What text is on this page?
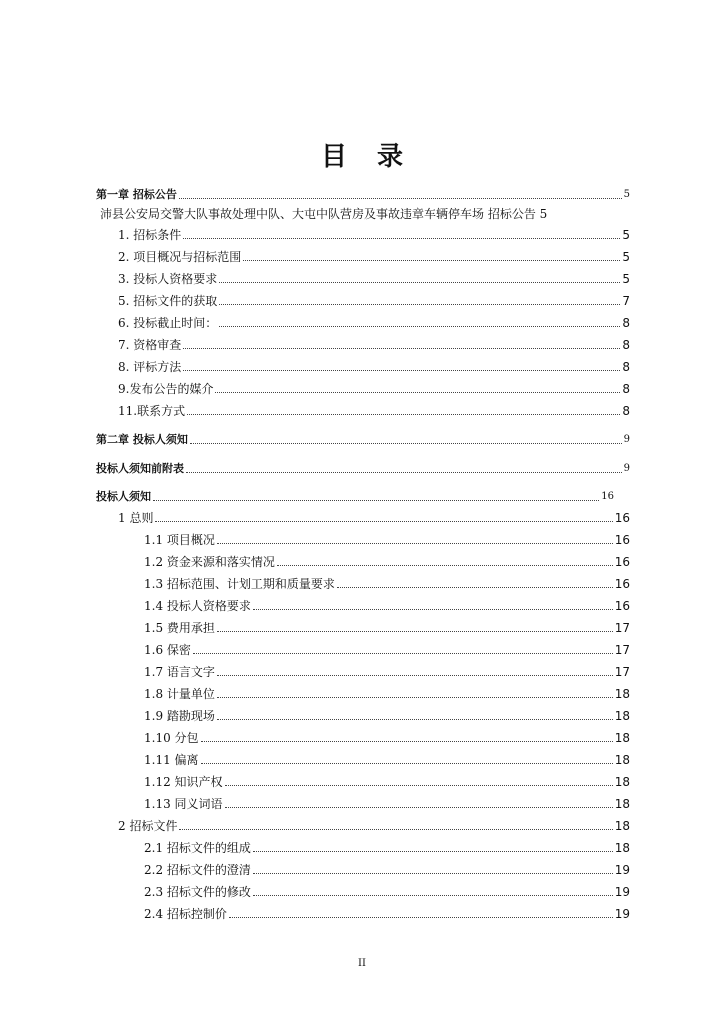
目 录
第一章 招标公告	5
沛县公安局交警大队事故处理中队、大屯中队营房及事故违章车辆停车场 招标公告 5
1. 招标条件	5
2. 项目概况与招标范围	5
3. 投标人资格要求	5
5. 招标文件的获取	7
6. 投标截止时间：	8
7. 资格审查	8
8. 评标方法	8
9.发布公告的媒介	8
11.联系方式	8
第二章 投标人须知	9
投标人须知前附表	9
投标人须知	16
1 总则	16
1.1 项目概况	16
1.2 资金来源和落实情况	16
1.3 招标范围、计划工期和质量要求	16
1.4 投标人资格要求	16
1.5 费用承担	17
1.6 保密	17
1.7 语言文字	17
1.8 计量单位	18
1.9 踏勘现场	18
1.10 分包	18
1.11 偏离	18
1.12 知识产权	18
1.13 同义词语	18
2 招标文件	18
2.1 招标文件的组成	18
2.2 招标文件的澄清	19
2.3 招标文件的修改	19
2.4 招标控制价	19
II
